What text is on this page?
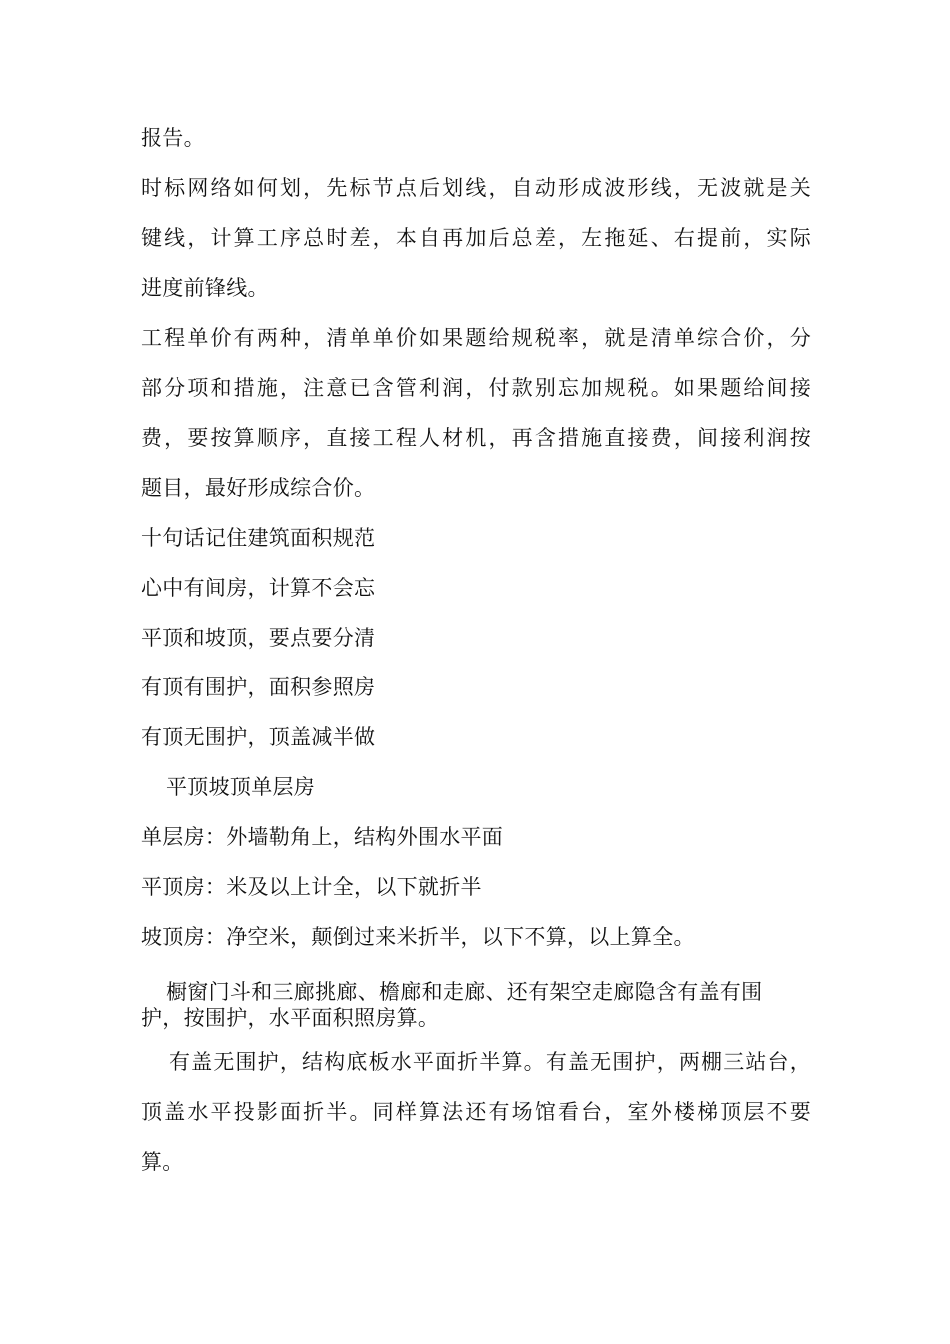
报告。
时标网络如何划，先标节点后划线，自动形成波形线，无波就是关
键线，计算工序总时差，本自再加后总差，左拖延、右提前，实际
进度前锋线。
工程单价有两种，清单单价如果题给规税率，就是清单综合价，分
部分项和措施，注意已含管利润，付款别忘加规税。如果题给间接
费，要按算顺序，直接工程人材机，再含措施直接费，间接利润按
题目，最好形成综合价。
十句话记住建筑面积规范
心中有间房，计算不会忘
平顶和坡顶，要点要分清
有顶有围护，面积参照房
有顶无围护，顶盖减半做
平顶坡顶单层房
单层房：外墙勒角上，结构外围水平面
平顶房：米及以上计全，以下就折半
坡顶房：净空米，颠倒过来米折半，以下不算，以上算全。
橱窗门斗和三廊挑廊、檐廊和走廊、还有架空走廊隐含有盖有围
护，按围护，水平面积照房算。
有盖无围护，结构底板水平面折半算。有盖无围护，两棚三站台，
顶盖水平投影面折半。同样算法还有场馆看台，室外楼梯顶层不要
算。
